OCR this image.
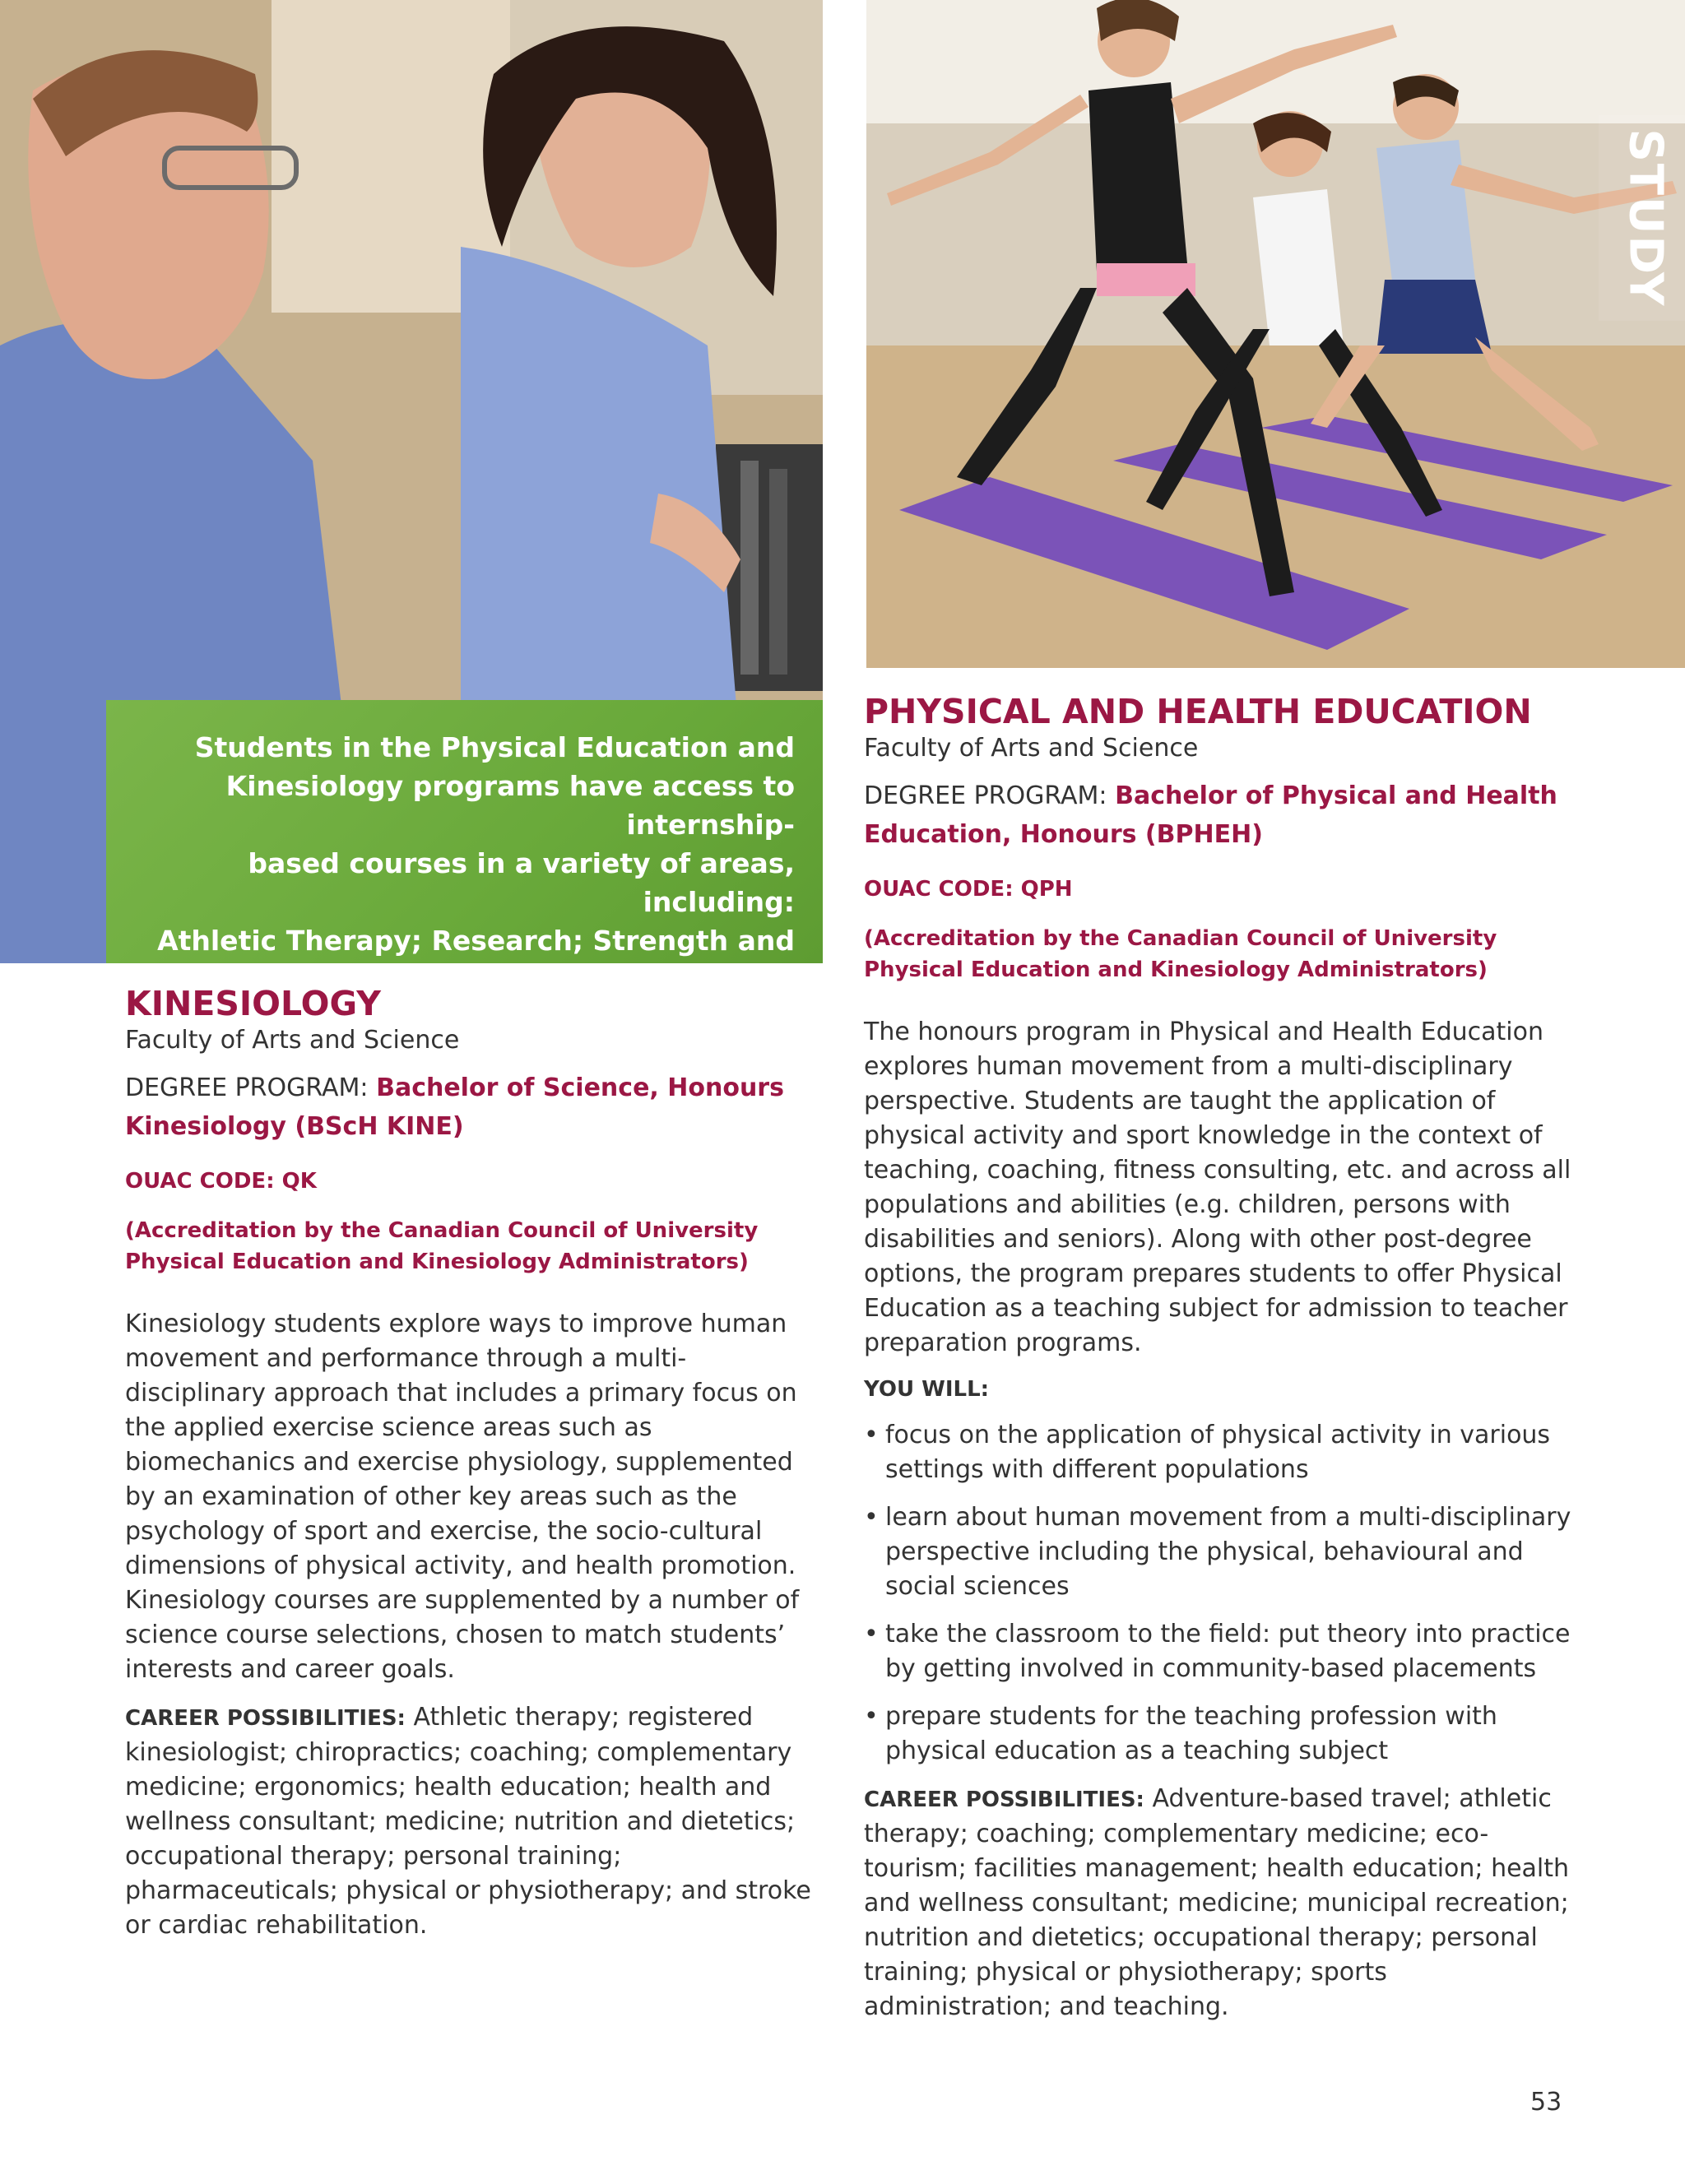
STUDY
Students in the Physical Education and
Kinesiology programs have access to internship-
based courses in a variety of areas, including:
Athletic Therapy; Research; Strength and
Conditioning; and Exercise and Disability.
KINESIOLOGY

Faculty of Arts and Science

DEGREE PROGRAM: Bachelor of Science, Honours Kinesiology (BScH KINE)

OUAC CODE: QK

(Accreditation by the Canadian Council of University Physical Education and Kinesiology Administrators)

Kinesiology students explore ways to improve human movement and performance through a multi-disciplinary approach that includes a primary focus on the applied exercise science areas such as biomechanics and exercise physiology, supplemented by an examination of other key areas such as the psychology of sport and exercise, the socio-cultural dimensions of physical activity, and health promotion. Kinesiology courses are supplemented by a number of science course selections, chosen to match students’ interests and career goals.

CAREER POSSIBILITIES: Athletic therapy; registered kinesiologist; chiropractics; coaching; complementary medicine; ergonomics; health education; health and wellness consultant; medicine; nutrition and dietetics; occupational therapy; personal training; pharmaceuticals; physical or physiotherapy; and stroke or cardiac rehabilitation.

PHYSICAL AND HEALTH EDUCATION

Faculty of Arts and Science

DEGREE PROGRAM: Bachelor of Physical and Health Education, Honours (BPHEH)

OUAC CODE: QPH

(Accreditation by the Canadian Council of University Physical Education and Kinesiology Administrators)

The honours program in Physical and Health Education explores human movement from a multi-disciplinary perspective. Students are taught the application of physical activity and sport knowledge in the context of teaching, coaching, fitness consulting, etc. and across all populations and abilities (e.g. children, persons with disabilities and seniors). Along with other post-degree options, the program prepares students to offer Physical Education as a teaching subject for admission to teacher preparation programs.

YOU WILL:

• focus on the application of physical activity in various settings with different populations
• learn about human movement from a multi-disciplinary perspective including the physical, behavioural and social sciences
• take the classroom to the field: put theory into practice by getting involved in community-based placements
• prepare students for the teaching profession with physical education as a teaching subject

CAREER POSSIBILITIES: Adventure-based travel; athletic therapy; coaching; complementary medicine; eco-tourism; facilities management; health education; health and wellness consultant; medicine; municipal recreation; nutrition and dietetics; occupational therapy; personal training; physical or physiotherapy; sports administration; and teaching.

53
